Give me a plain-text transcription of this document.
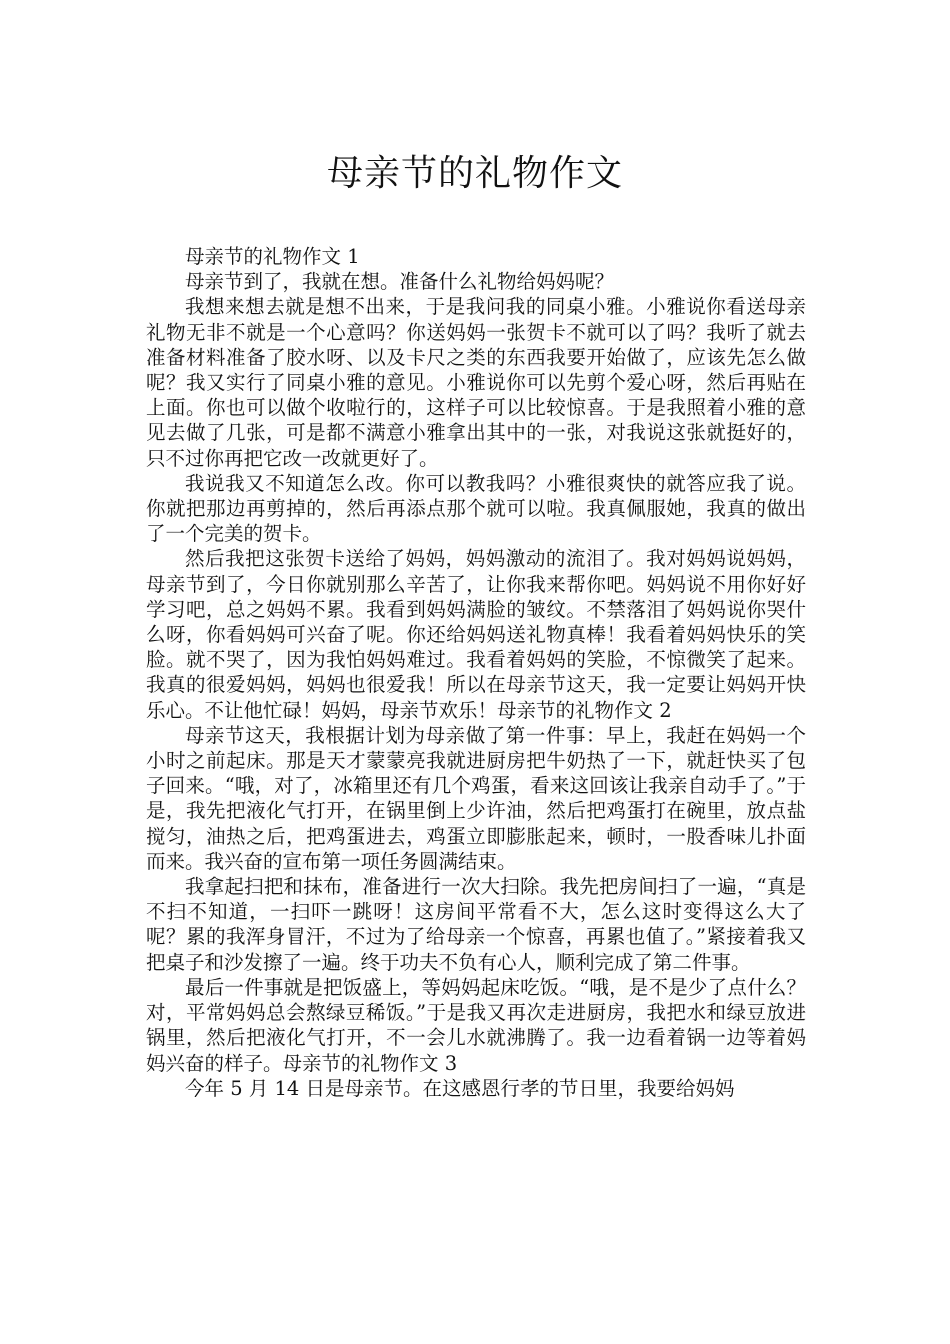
母亲节的礼物作文

母亲节的礼物作文 1

母亲节到了，我就在想。准备什么礼物给妈妈呢？

我想来想去就是想不出来，于是我问我的同桌小雅。小雅说你看送母亲礼物无非不就是一个心意吗？你送妈妈一张贺卡不就可以了吗？我听了就去准备材料准备了胶水呀、以及卡尺之类的东西我要开始做了，应该先怎么做呢？我又实行了同桌小雅的意见。小雅说你可以先剪个爱心呀，然后再贴在上面。你也可以做个收啦行的，这样子可以比较惊喜。于是我照着小雅的意见去做了几张，可是都不满意小雅拿出其中的一张，对我说这张就挺好的，只不过你再把它改一改就更好了。

我说我又不知道怎么改。你可以教我吗？小雅很爽快的就答应我了说。你就把那边再剪掉的，然后再添点那个就可以啦。我真佩服她，我真的做出了一个完美的贺卡。

然后我把这张贺卡送给了妈妈，妈妈激动的流泪了。我对妈妈说妈妈，母亲节到了，今日你就别那么辛苦了，让你我来帮你吧。妈妈说不用你好好学习吧，总之妈妈不累。我看到妈妈满脸的皱纹。不禁落泪了妈妈说你哭什么呀，你看妈妈可兴奋了呢。你还给妈妈送礼物真棒！我看着妈妈快乐的笑脸。就不哭了，因为我怕妈妈难过。我看着妈妈的笑脸，不惊微笑了起来。我真的很爱妈妈，妈妈也很爱我！所以在母亲节这天，我一定要让妈妈开快乐心。不让他忙碌！妈妈，母亲节欢乐！母亲节的礼物作文 2

母亲节这天，我根据计划为母亲做了第一件事：早上，我赶在妈妈一个小时之前起床。那是天才蒙蒙亮我就进厨房把牛奶热了一下，就赶快买了包子回来。“哦，对了，冰箱里还有几个鸡蛋，看来这回该让我亲自动手了。”于是，我先把液化气打开，在锅里倒上少许油，然后把鸡蛋打在碗里，放点盐搅匀，油热之后，把鸡蛋进去，鸡蛋立即膨胀起来，顿时，一股香味儿扑面而来。我兴奋的宣布第一项任务圆满结束。

我拿起扫把和抹布，准备进行一次大扫除。我先把房间扫了一遍，“真是不扫不知道，一扫吓一跳呀！这房间平常看不大，怎么这时变得这么大了呢？累的我浑身冒汗，不过为了给母亲一个惊喜，再累也值了。”紧接着我又把桌子和沙发擦了一遍。终于功夫不负有心人，顺利完成了第二件事。

最后一件事就是把饭盛上，等妈妈起床吃饭。“哦，是不是少了点什么？对，平常妈妈总会熬绿豆稀饭。”于是我又再次走进厨房，我把水和绿豆放进锅里，然后把液化气打开，不一会儿水就沸腾了。我一边看着锅一边等着妈妈兴奋的样子。母亲节的礼物作文 3

今年 5 月 14 日是母亲节。在这感恩行孝的节日里，我要给妈妈
